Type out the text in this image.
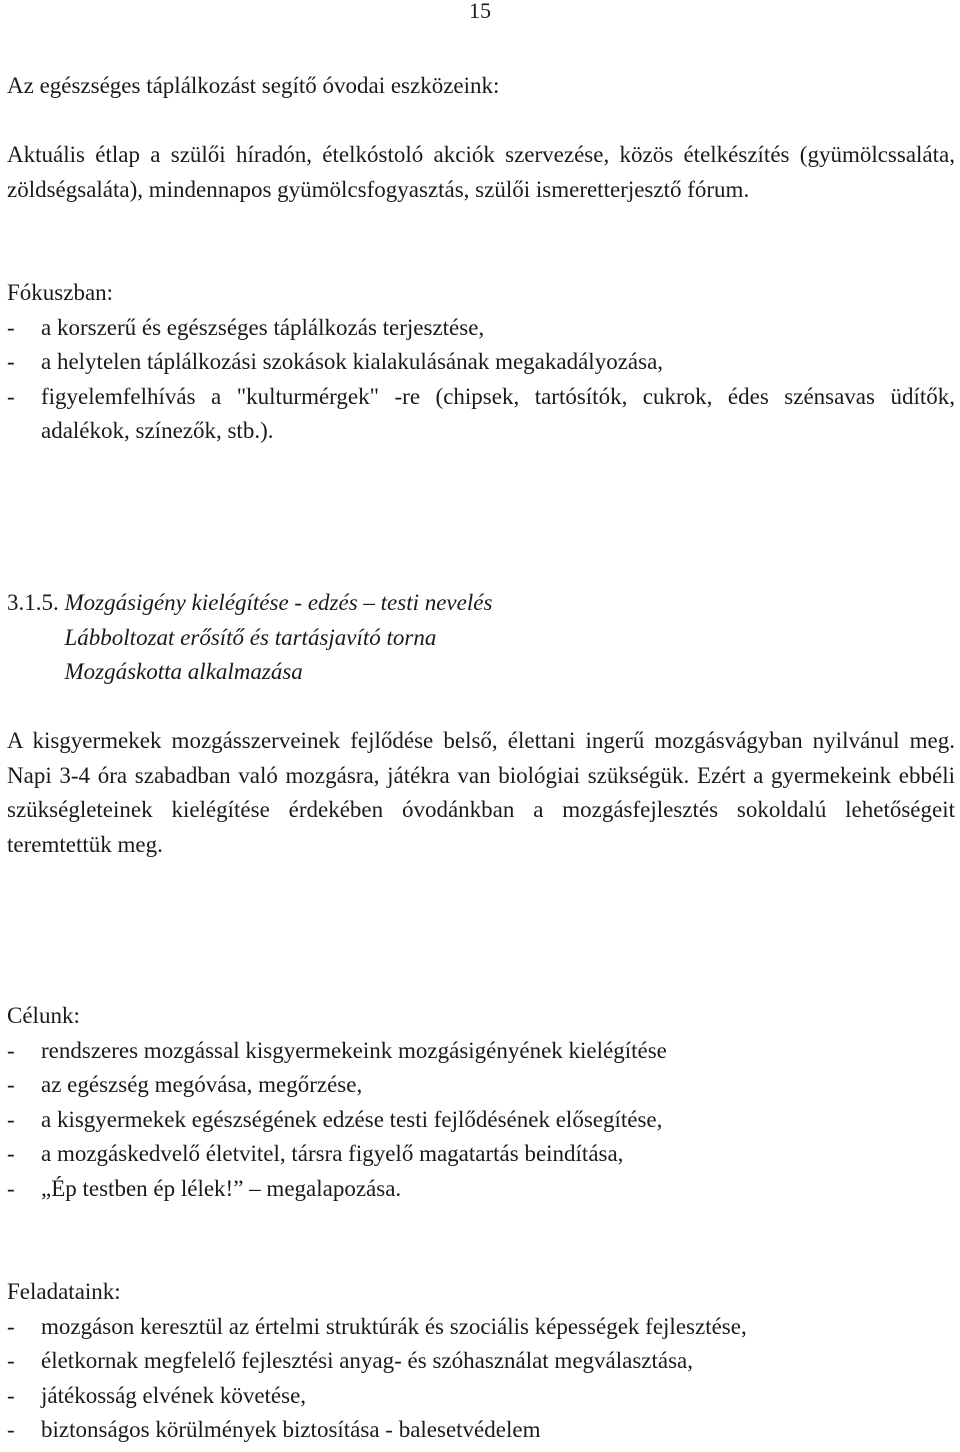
15

Az egészséges táplálkozást segítő óvodai eszközeink:

Aktuális étlap a szülői híradón, ételkóstoló akciók szervezése, közös ételkészítés (gyümölcssaláta, zöldségsaláta), mindennapos gyümölcsfogyasztás, szülői ismeretterjesztő fórum.

Fókuszban:

-	a korszerű és egészséges táplálkozás terjesztése,
-	a helytelen táplálkozási szokások kialakulásának megakadályozása,
-	figyelemfelhívás a "kulturmérgek" -re (chipsek, tartósítók, cukrok, édes szénsavas üdítők, adalékok, színezők, stb.).
3.1.5. Mozgásigény kielégítése - edzés – testi nevelés

Lábboltozat erősítő és tartásjavító torna

Mozgáskotta alkalmazása

A kisgyermekek mozgásszerveinek fejlődése belső, élettani ingerű mozgásvágyban nyilvánul meg. Napi 3-4 óra szabadban való mozgásra, játékra van biológiai szükségük. Ezért a gyermekeink ebbéli szükségleteinek kielégítése érdekében óvodánkban a mozgásfejlesztés sokoldalú lehetőségeit teremtettük meg.

Célunk:

-	rendszeres mozgással kisgyermekeink mozgásigényének kielégítése
-	az egészség megóvása, megőrzése,
-	a kisgyermekek egészségének edzése testi fejlődésének elősegítése,
-	a mozgáskedvelő életvitel, társra figyelő magatartás beindítása,
-	„Ép testben ép lélek!” – megalapozása.

Feladataink:

-	mozgáson keresztül az értelmi struktúrák és szociális képességek fejlesztése,
-	életkornak megfelelő fejlesztési anyag- és szóhasználat megválasztása,
-	játékosság elvének követése,
-	biztonságos körülmények biztosítása - balesetvédelem
